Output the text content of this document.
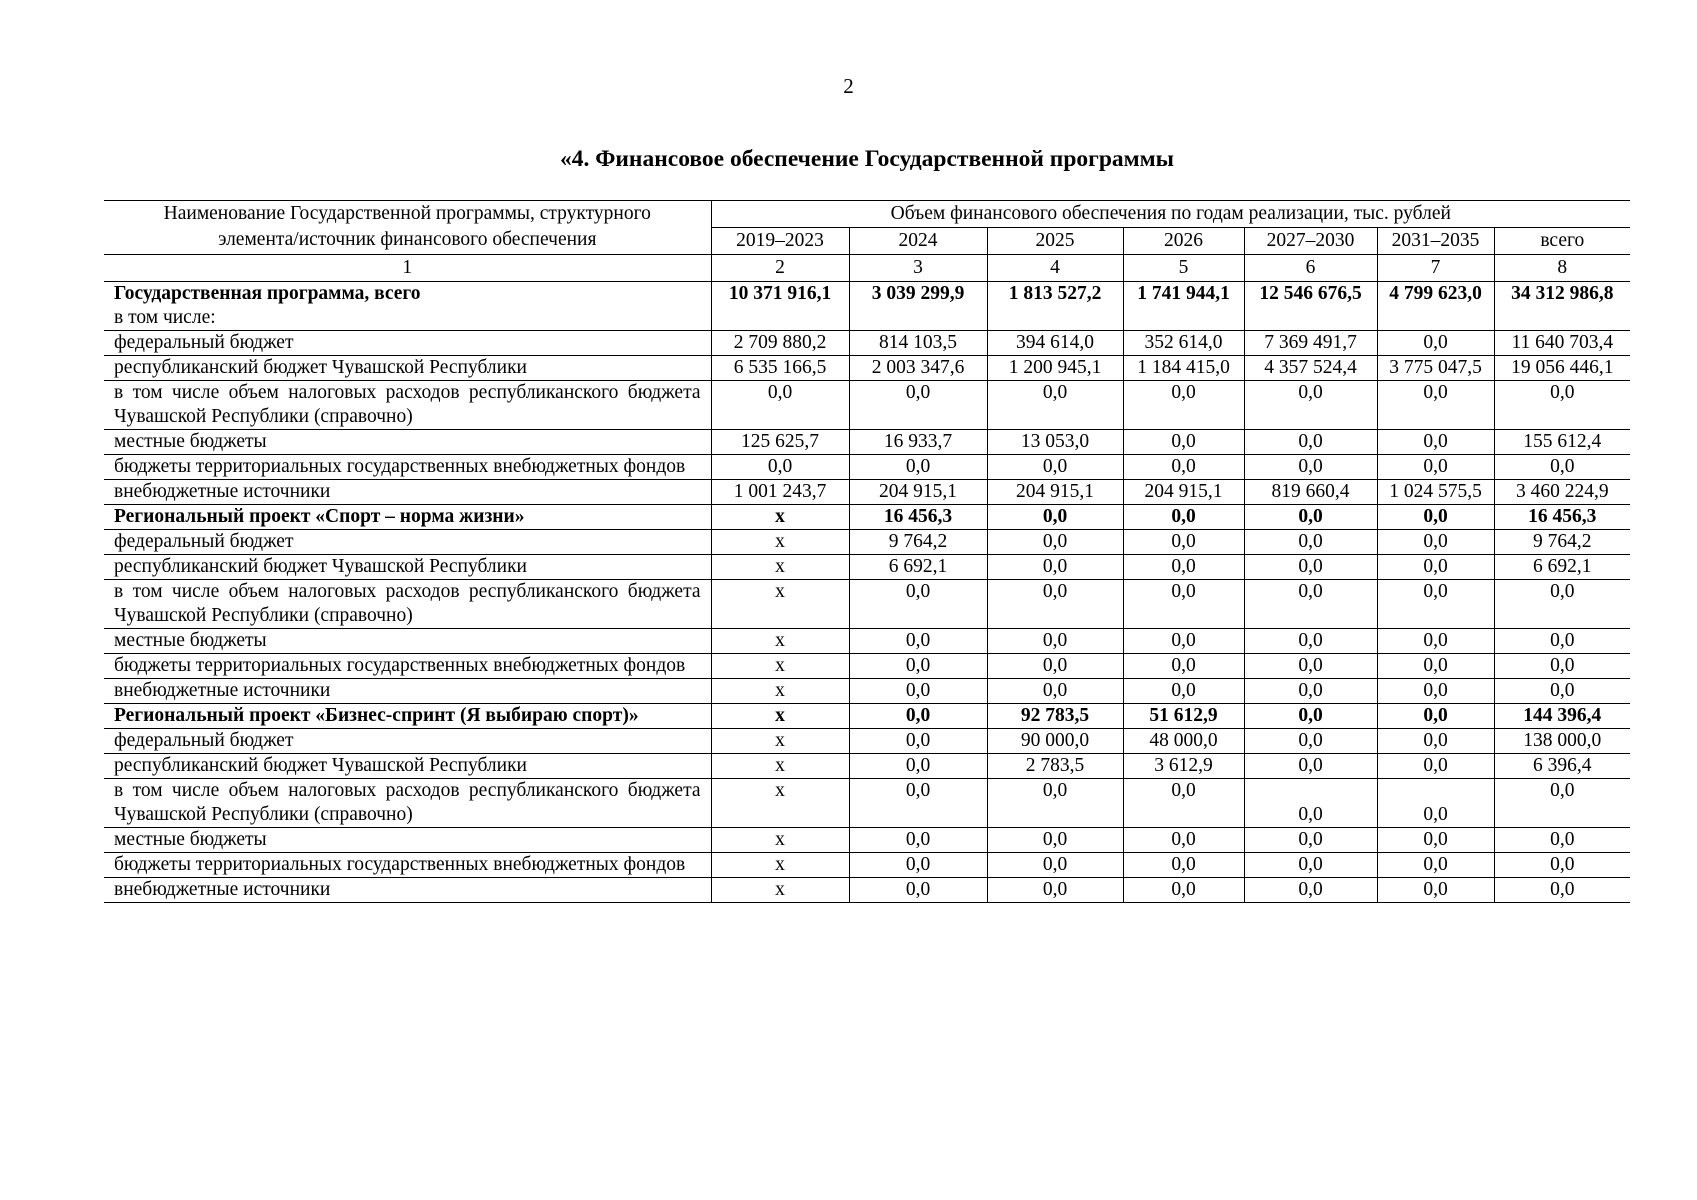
2
«4. Финансовое обеспечение Государственной программы
Наименование Государственной программы, структурного
элемента/источник финансового обеспечения	Объем финансового обеспечения по годам реализации, тыс. рублей						
	2019–2023	2024	2025	2026	2027–2030	2031–2035	всего
1	2	3	4	5	6	7	8
Государственная программа, всего
в том числе:	10 371 916,1	3 039 299,9	1 813 527,2	1 741 944,1	12 546 676,5	4 799 623,0	34 312 986,8
федеральный бюджет	2 709 880,2	814 103,5	394 614,0	352 614,0	7 369 491,7	0,0	11 640 703,4
республиканский бюджет Чувашской Республики	6 535 166,5	2 003 347,6	1 200 945,1	1 184 415,0	4 357 524,4	3 775 047,5	19 056 446,1
в том числе объем налоговых расходов республиканского бюджета Чувашской Республики (справочно)	0,0	0,0	0,0	0,0	0,0	0,0	0,0
местные бюджеты	125 625,7	16 933,7	13 053,0	0,0	0,0	0,0	155 612,4
бюджеты территориальных государственных внебюджетных фондов	0,0	0,0	0,0	0,0	0,0	0,0	0,0
внебюджетные источники	1 001 243,7	204 915,1	204 915,1	204 915,1	819 660,4	1 024 575,5	3 460 224,9
Региональный проект «Спорт – норма жизни»	х	16 456,3	0,0	0,0	0,0	0,0	16 456,3
федеральный бюджет	х	9 764,2	0,0	0,0	0,0	0,0	9 764,2
республиканский бюджет Чувашской Республики	х	6 692,1	0,0	0,0	0,0	0,0	6 692,1
в том числе объем налоговых расходов республиканского бюджета Чувашской Республики (справочно)	х	0,0	0,0	0,0	0,0	0,0	0,0
местные бюджеты	х	0,0	0,0	0,0	0,0	0,0	0,0
бюджеты территориальных государственных внебюджетных фондов	х	0,0	0,0	0,0	0,0	0,0	0,0
внебюджетные источники	х	0,0	0,0	0,0	0,0	0,0	0,0
Региональный проект «Бизнес-спринт (Я выбираю спорт)»	х	0,0	92 783,5	51 612,9	0,0	0,0	144 396,4
федеральный бюджет	х	0,0	90 000,0	48 000,0	0,0	0,0	138 000,0
республиканский бюджет Чувашской Республики	х	0,0	2 783,5	3 612,9	0,0	0,0	6 396,4
в том числе объем налоговых расходов республиканского бюджета Чувашской Республики (справочно)	х	0,0	0,0	0,0	0,0	0,0	0,0
местные бюджеты	х	0,0	0,0	0,0	0,0	0,0	0,0
бюджеты территориальных государственных внебюджетных фондов	х	0,0	0,0	0,0	0,0	0,0	0,0
внебюджетные источники	х	0,0	0,0	0,0	0,0	0,0	0,0
